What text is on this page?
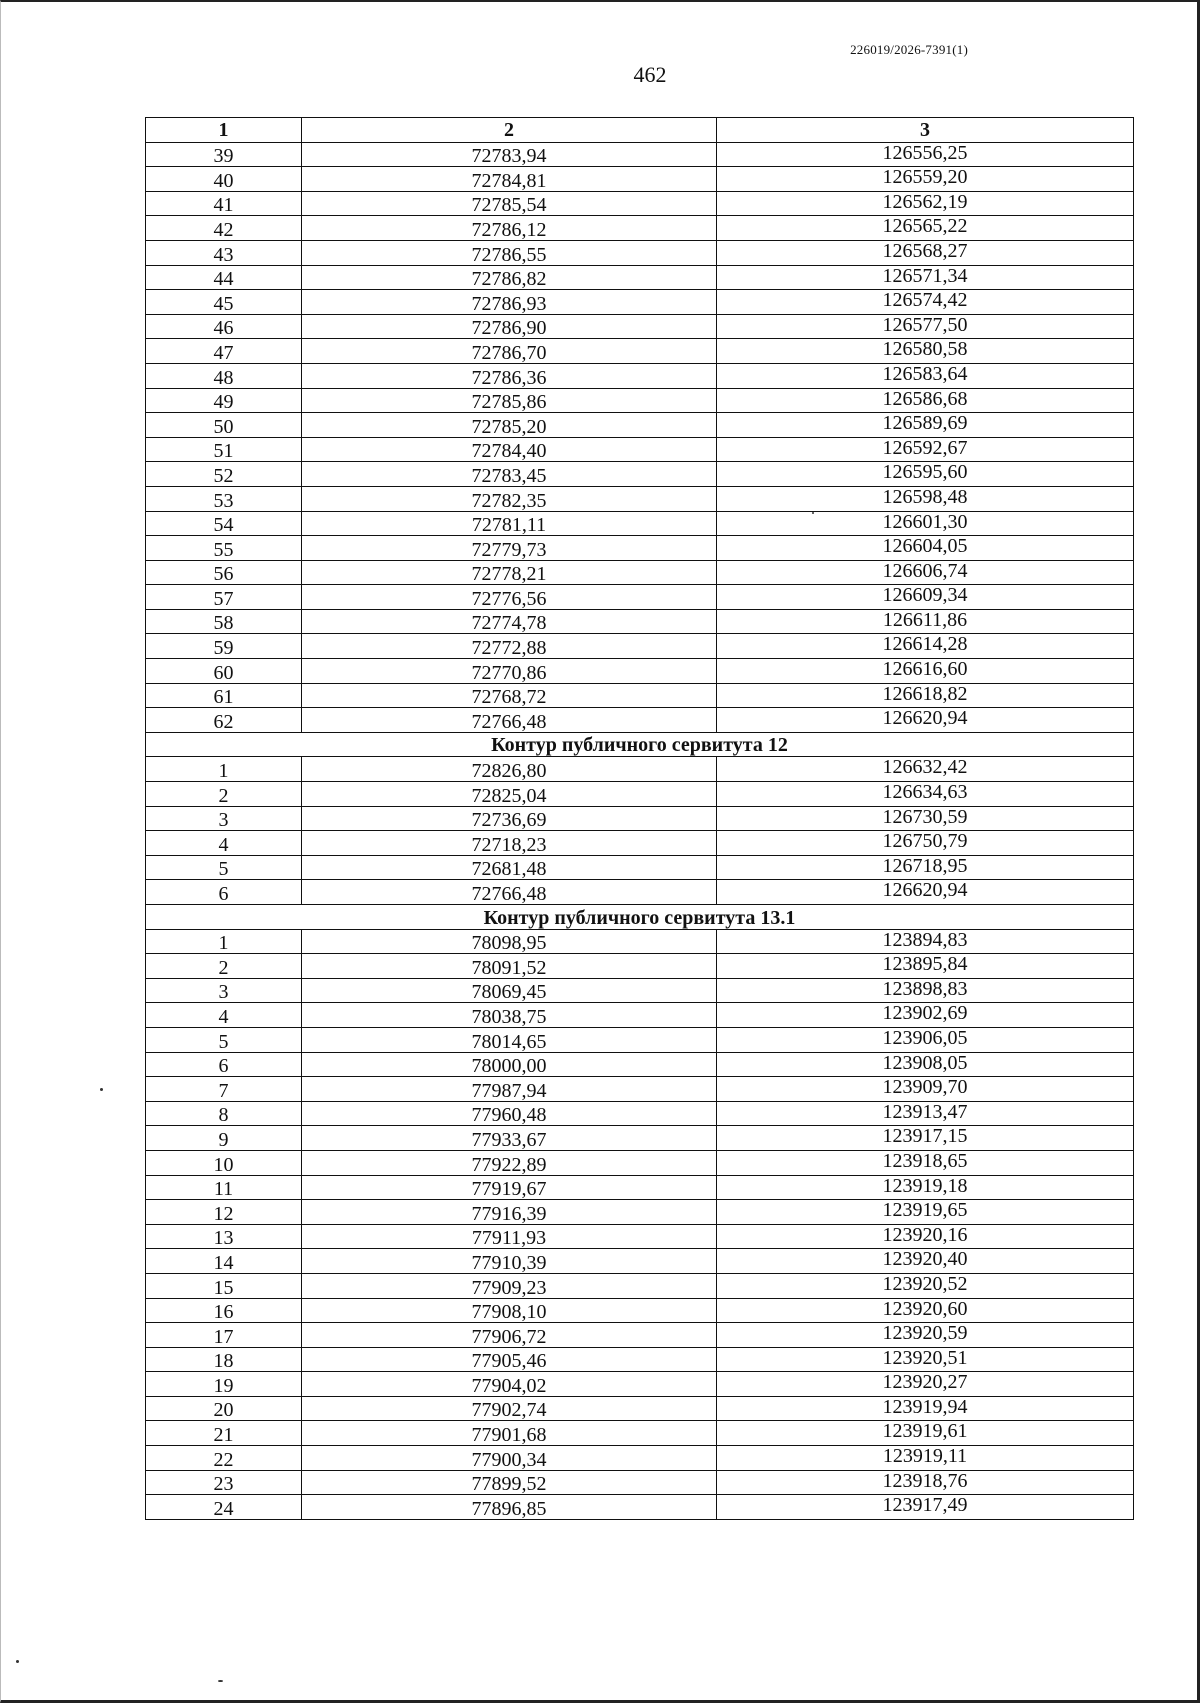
226019/2026-7391(1)
462
1	2	3
39	72783,94	126556,25
40	72784,81	126559,20
41	72785,54	126562,19
42	72786,12	126565,22
43	72786,55	126568,27
44	72786,82	126571,34
45	72786,93	126574,42
46	72786,90	126577,50
47	72786,70	126580,58
48	72786,36	126583,64
49	72785,86	126586,68
50	72785,20	126589,69
51	72784,40	126592,67
52	72783,45	126595,60
53	72782,35	126598,48
54	72781,11	126601,30
55	72779,73	126604,05
56	72778,21	126606,74
57	72776,56	126609,34
58	72774,78	126611,86
59	72772,88	126614,28
60	72770,86	126616,60
61	72768,72	126618,82
62	72766,48	126620,94
Контур публичного сервитута 12		
1	72826,80	126632,42
2	72825,04	126634,63
3	72736,69	126730,59
4	72718,23	126750,79
5	72681,48	126718,95
6	72766,48	126620,94
Контур публичного сервитута 13.1		
1	78098,95	123894,83
2	78091,52	123895,84
3	78069,45	123898,83
4	78038,75	123902,69
5	78014,65	123906,05
6	78000,00	123908,05
7	77987,94	123909,70
8	77960,48	123913,47
9	77933,67	123917,15
10	77922,89	123918,65
11	77919,67	123919,18
12	77916,39	123919,65
13	77911,93	123920,16
14	77910,39	123920,40
15	77909,23	123920,52
16	77908,10	123920,60
17	77906,72	123920,59
18	77905,46	123920,51
19	77904,02	123920,27
20	77902,74	123919,94
21	77901,68	123919,61
22	77900,34	123919,11
23	77899,52	123918,76
24	77896,85	123917,49
